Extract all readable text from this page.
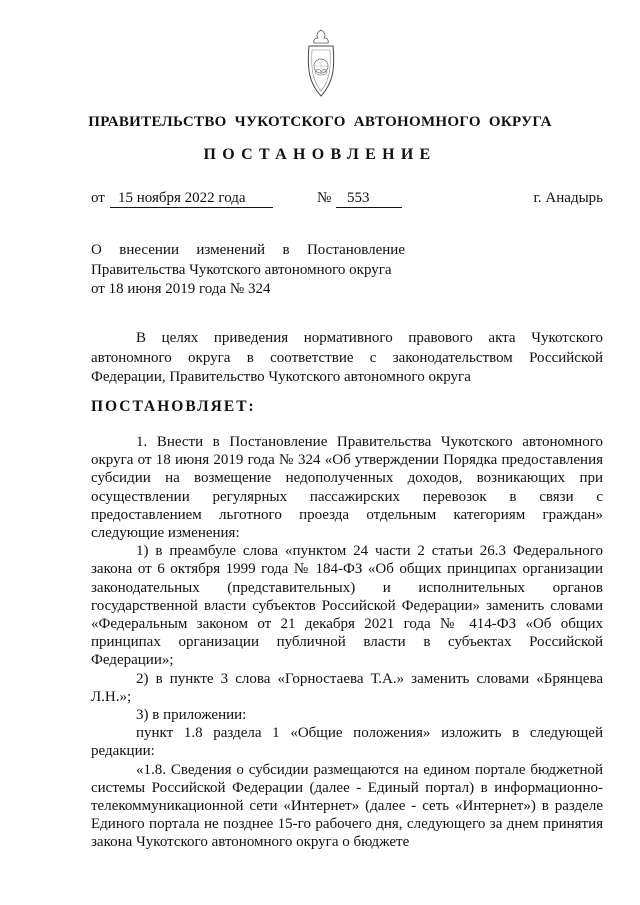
ПРАВИТЕЛЬСТВО ЧУКОТСКОГО АВТОНОМНОГО ОКРУГА
ПОСТАНОВЛЕНИЕ
от 15 ноября 2022 года	№	553	г. Анадырь
О внесении изменений в Постановление
Правительства Чукотского автономного округа
от 18 июня 2019 года № 324

В целях приведения нормативного правового акта Чукотского автономного округа в соответствие с законодательством Российской Федерации, Правительство Чукотского автономного округа

ПОСТАНОВЛЯЕТ:

1. Внести в Постановление Правительства Чукотского автономного округа от 18 июня 2019 года № 324 «Об утверждении Порядка предоставления субсидии на возмещение недополученных доходов, возникающих при осуществлении регулярных пассажирских перевозок в связи с предоставлением льготного проезда отдельным категориям граждан» следующие изменения:

1) в преамбуле слова «пунктом 24 части 2 статьи 26.3 Федерального закона от 6 октября 1999 года № 184-ФЗ «Об общих принципах организации законодательных (представительных) и исполнительных органов государственной власти субъектов Российской Федерации» заменить словами «Федеральным законом от 21 декабря 2021 года № 414-ФЗ «Об общих принципах организации публичной власти в субъектах Российской Федерации»;

2) в пункте 3 слова «Горностаева Т.А.» заменить словами «Брянцева Л.Н.»;

3) в приложении:

пункт 1.8 раздела 1 «Общие положения» изложить в следующей редакции:

«1.8. Сведения о субсидии размещаются на едином портале бюджетной системы Российской Федерации (далее - Единый портал) в информационно-телекоммуникационной сети «Интернет» (далее - сеть «Интернет») в разделе Единого портала не позднее 15-го рабочего дня, следующего за днем принятия закона Чукотского автономного округа о бюджете
